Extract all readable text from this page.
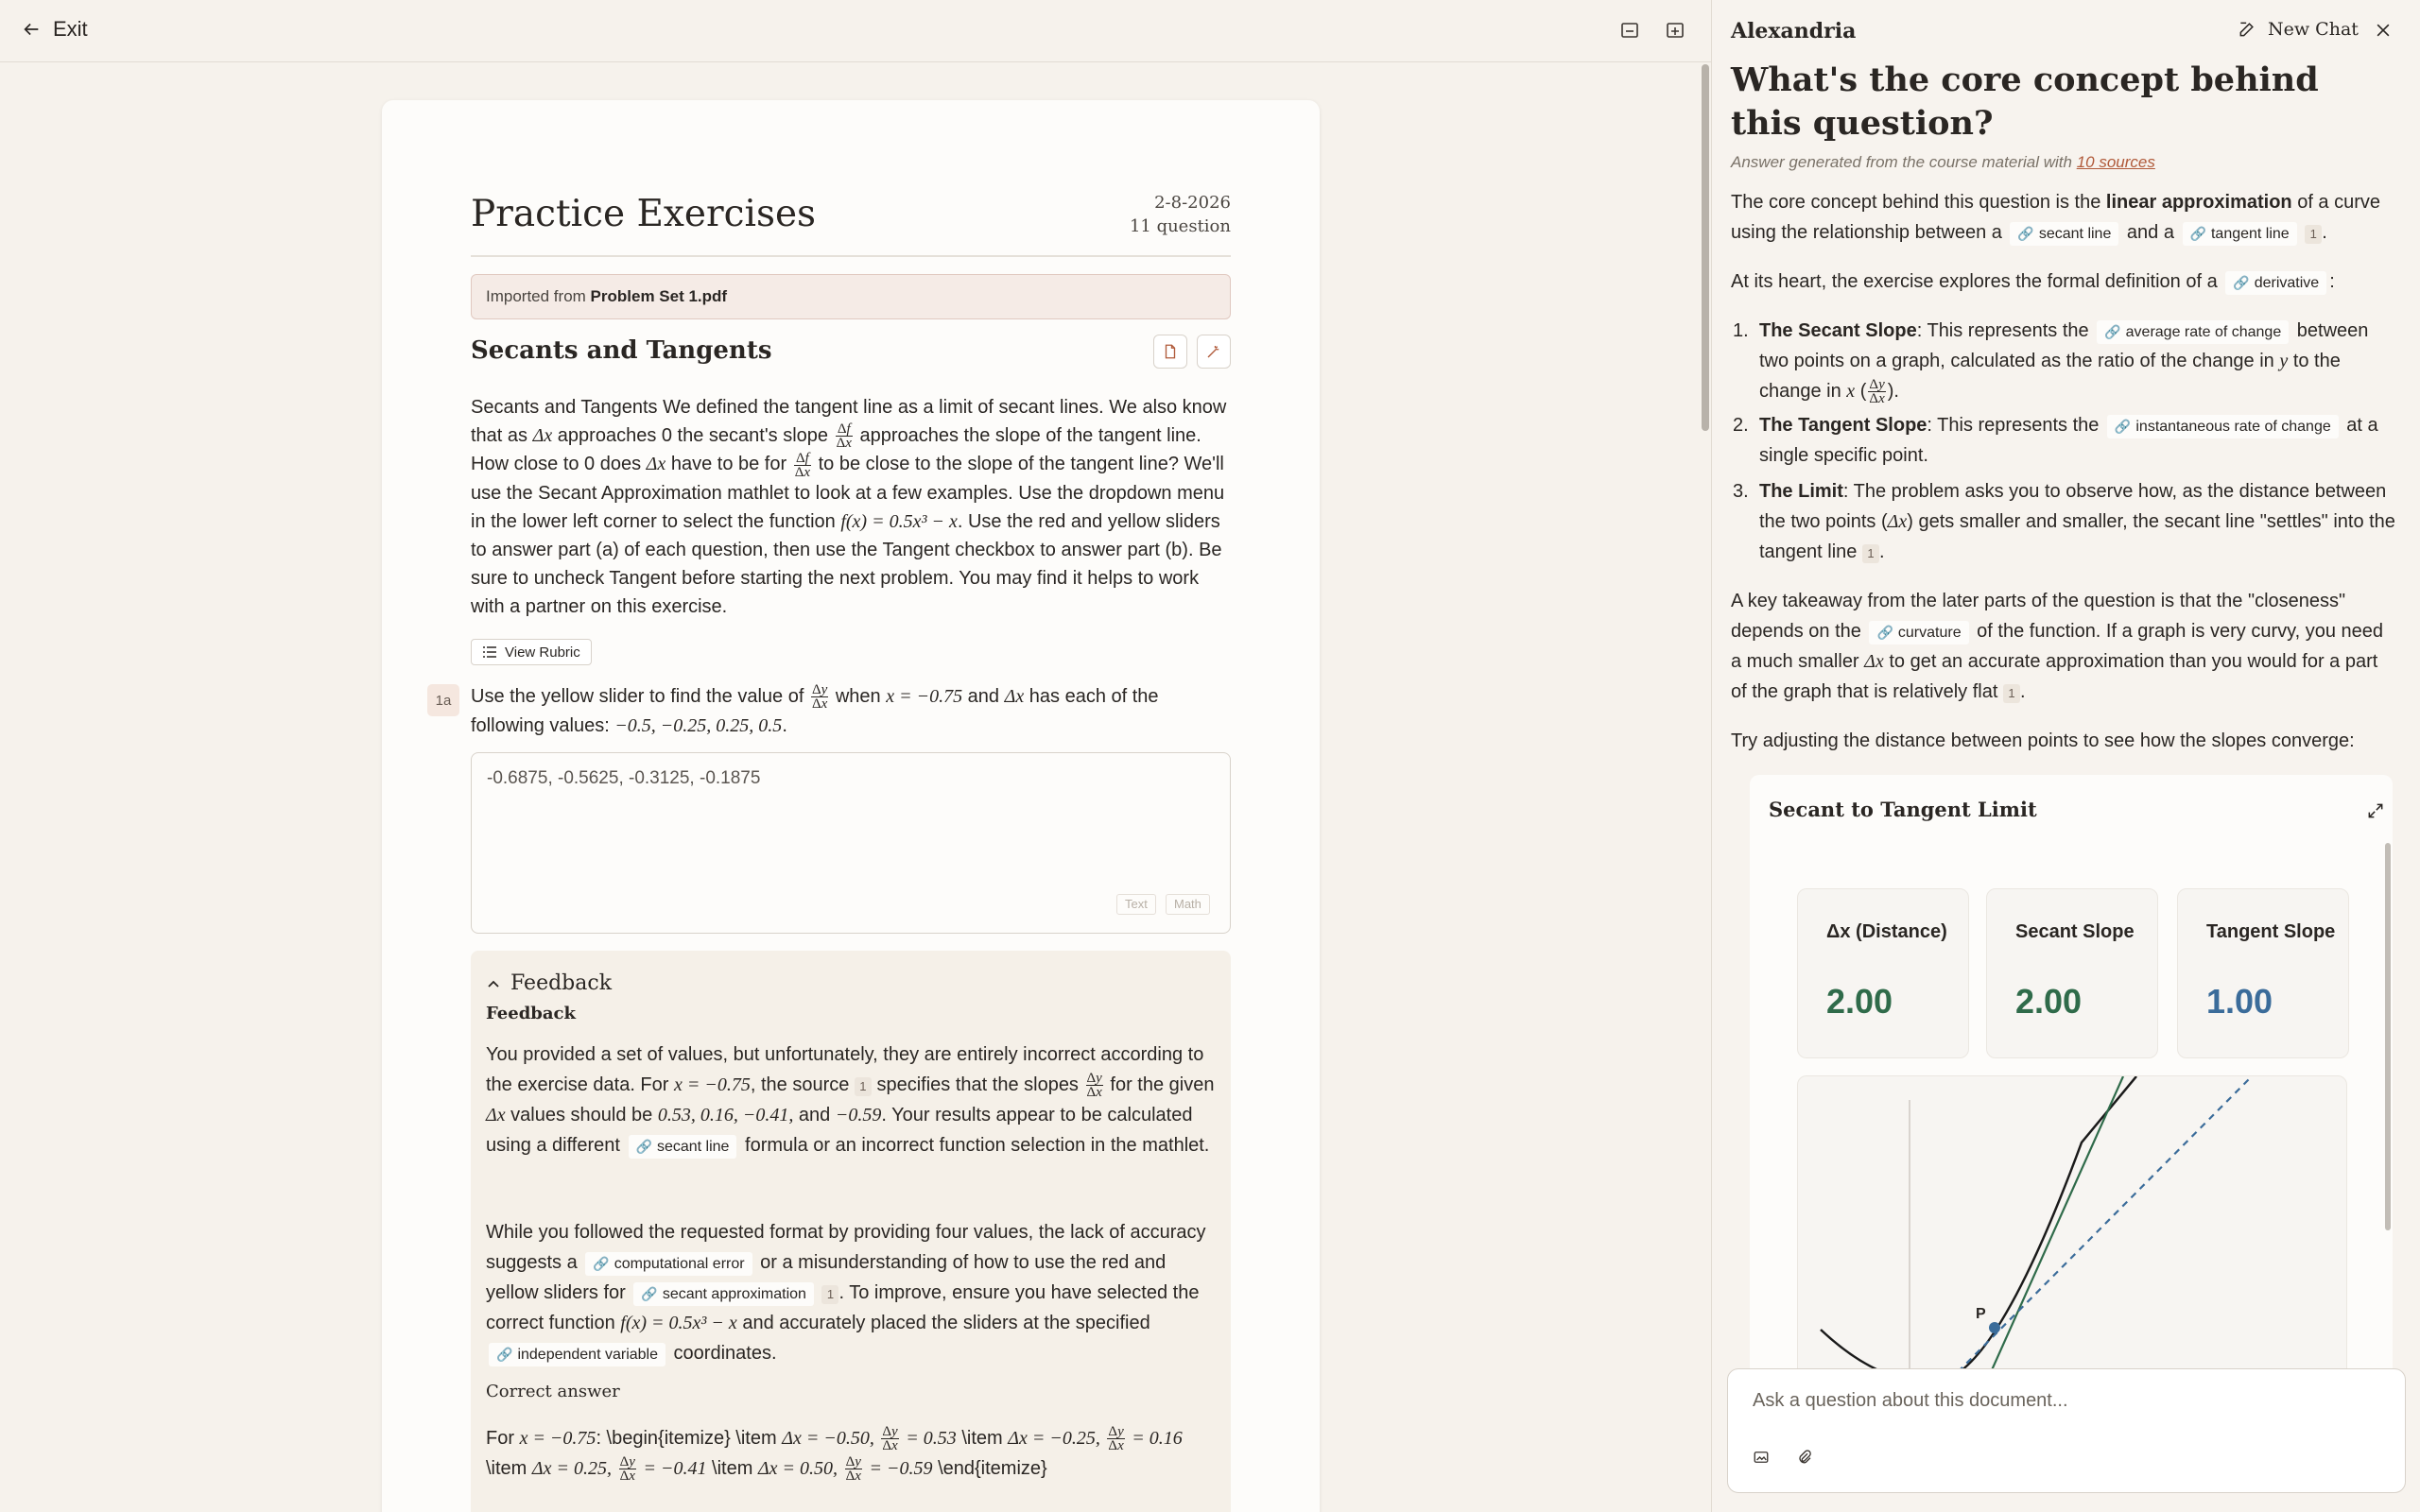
Exit
Practice Exercises	2-8-2026
11 question
Imported from Problem Set 1.pdf
Secants and Tangents
Secants and Tangents We defined the tangent line as a limit of secant lines. We also know that as Δx approaches 0 the secant's slope $\frac{\Delta f}{\Delta x}$ approaches the slope of the tangent line. How close to 0 does Δx have to be for $\frac{\Delta f}{\Delta x}$ to be close to the slope of the tangent line? We'll use the Secant Approximation mathlet to look at a few examples. Use the dropdown menu in the lower left corner to select the function f(x) = 0.5x³ − x. Use the red and yellow sliders to answer part (a) of each question, then use the Tangent checkbox to answer part (b). Be sure to uncheck Tangent before starting the next problem. You may find it helps to work with a partner on this exercise.
View Rubric
1a	Use the yellow slider to find the value of $\frac{\Delta y}{\Delta x}$ when x = −0.75 and Δx has each of the following values: −0.5, −0.25, 0.25, 0.5.
-0.6875, -0.5625, -0.3125, -0.1875
Text	Math
Feedback
Feedback
You provided a set of values, but unfortunately, they are entirely incorrect according to the exercise data. For x = −0.75, the source 1 specifies that the slopes $\frac{\Delta y}{\Delta x}$ for the given Δx values should be 0.53, 0.16, −0.41, and −0.59. Your results appear to be calculated using a different 🔗 secant line formula or an incorrect function selection in the mathlet.
While you followed the requested format by providing four values, the lack of accuracy suggests a 🔗 computational error or a misunderstanding of how to use the red and yellow sliders for 🔗 secant approximation 1 . To improve, ensure you have selected the correct function f(x) = 0.5x³ − x and accurately placed the sliders at the specified 🔗 independent variable coordinates.
Correct answer
For x = −0.75: \begin{itemize} \item Δx = −0.50, $\frac{\Delta y}{\Delta x} = 0.53$ \item Δx = −0.25, $\frac{\Delta y}{\Delta x} = 0.16$ \item Δx = 0.25, $\frac{\Delta y}{\Delta x} = -0.41$ \item Δx = 0.50, $\frac{\Delta y}{\Delta x} = -0.59$ \end{itemize}
Alexandria	New Chat
What's the core concept behind this question?
Answer generated from the course material with 10 sources
The core concept behind this question is the linear approximation of a curve using the relationship between a 🔗 secant line and a 🔗 tangent line 1 .
At its heart, the exercise explores the formal definition of a 🔗 derivative :
1. The Secant Slope: This represents the 🔗 average rate of change between two points on a graph, calculated as the ratio of the change in y to the change in x ( $\frac{\Delta y}{\Delta x}$ ).
2. The Tangent Slope: This represents the 🔗 instantaneous rate of change at a single specific point.
3. The Limit: The problem asks you to observe how, as the distance between the two points (Δx) gets smaller and smaller, the secant line "settles" into the tangent line 1 .
A key takeaway from the later parts of the question is that the "closeness" depends on the 🔗 curvature of the function. If a graph is very curvy, you need a much smaller Δx to get an accurate approximation than you would for a part of the graph that is relatively flat 1 .
Try adjusting the distance between points to see how the slopes converge:
Secant to Tangent Limit
Δx (Distance)
2.00
Secant Slope
2.00
Tangent Slope
1.00
P
Ask a question about this document...
